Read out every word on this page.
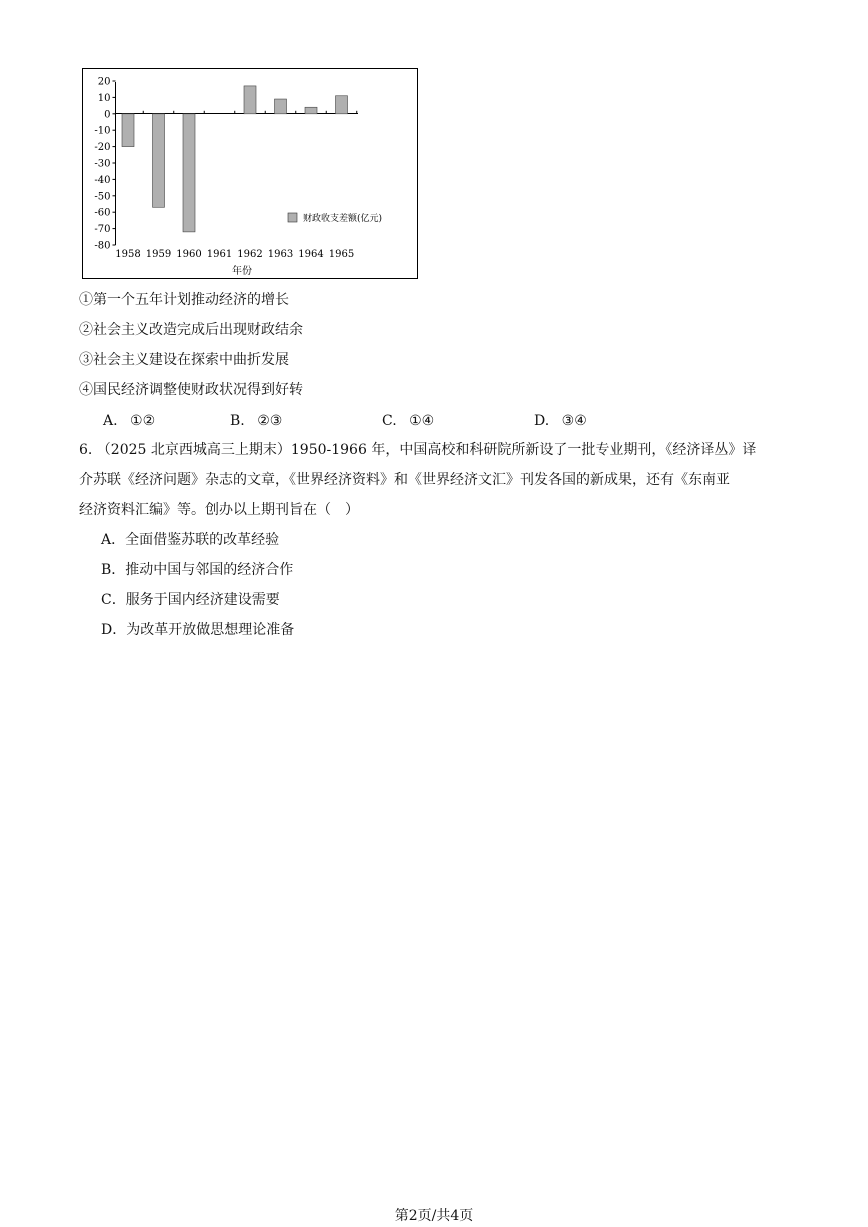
20
10
0
-10
-20
-30
-40
-50
-60
-70
-80
1958 1959 1960 1961 1962 1963 1964 1965
年份
财政收支差额(亿元)
①第一个五年计划推动经济的增长
②社会主义改造完成后出现财政结余
③社会主义建设在探索中曲折发展
④国民经济调整使财政状况得到好转
A. ①②	B. ②③	C. ①④	D. ③④
6. （2025 北京西城高三上期末）1950-1966 年，中国高校和科研院所新设了一批专业期刊，《经济译丛》译
介苏联《经济问题》杂志的文章，《世界经济资料》和《世界经济文汇》刊发各国的新成果，还有《东南亚
经济资料汇编》等。创办以上期刊旨在（　）
A．全面借鉴苏联的改革经验
B．推动中国与邻国的经济合作
C．服务于国内经济建设需要
D．为改革开放做思想理论准备
第2页/共4页
